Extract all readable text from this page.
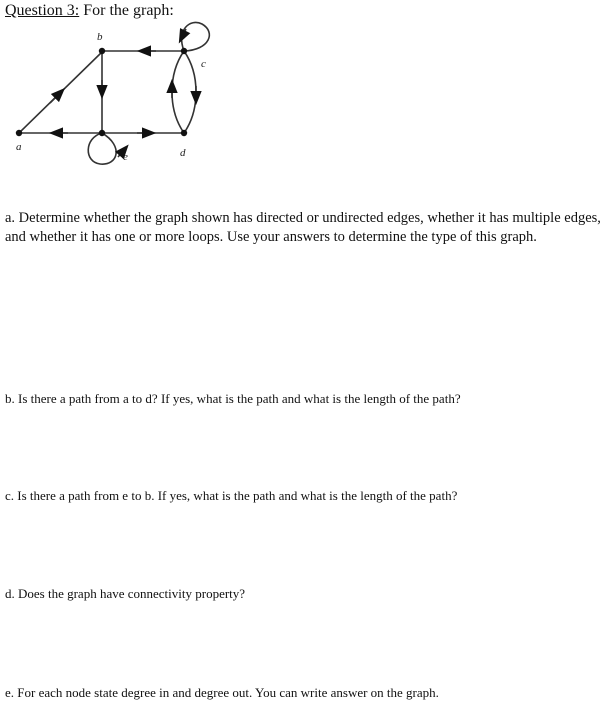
Question 3: For the graph:
b
c
a	d
e
a. Determine whether the graph shown has directed or undirected edges, whether it has multiple edges, and whether it has one or more loops. Use your answers to determine the type of this graph.
b. Is there a path from a to d? If yes, what is the path and what is the length of the path?
c. Is there a path from e to b. If yes, what is the path and what is the length of the path?
d. Does the graph have connectivity property?
e. For each node state degree in and degree out. You can write answer on the graph.
